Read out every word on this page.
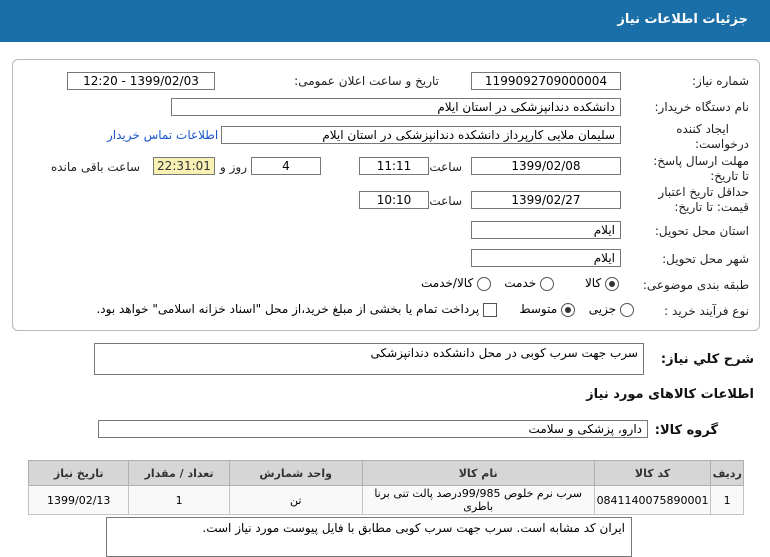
جزئیات اطلاعات نیاز
شماره نیاز:
1199092709000004
تاریخ و ساعت اعلان عمومی:
1399/02/03 - 12:20
نام دستگاه خریدار:
دانشکده دندانپزشکی در استان ایلام
ایجاد کننده
درخواست:
سلیمان ملایی کارپرداز دانشکده دندانپزشکی در استان ایلام
اطلاعات تماس خریدار
مهلت ارسال پاسخ:
تا تاریخ:
1399/02/08
ساعت
11:11
4
روز و
22:31:01
ساعت باقی مانده
حداقل تاریخ اعتبار
قیمت: تا تاریخ:
1399/02/27
ساعت
10:10
استان محل تحویل:
ایلام
شهر محل تحویل:
ایلام
طبقه بندی موضوعی:
کالا
خدمت
کالا/خدمت
نوع فرآیند خرید :
جزیی
متوسط
پرداخت تمام یا بخشی از مبلغ خرید،از محل "اسناد خزانه اسلامی" خواهد بود.
شرح کلي نياز:
سرب جهت سرب کوبی در محل دانشکده دندانپزشکی
اطلاعات کالاهای مورد نیاز
گروه کالا:
دارو، پزشکی و سلامت
ردیف	کد کالا	نام کالا	واحد شمارش	تعداد / مقدار	تاریخ نیاز
1	0841140075890001	سرب نرم خلوص 99/985درصد پالت تنی برنا باطری	تن	1	1399/02/13
ایران کد مشابه است. سرب جهت سرب کوبی مطابق با فایل پیوست مورد نیاز است.
